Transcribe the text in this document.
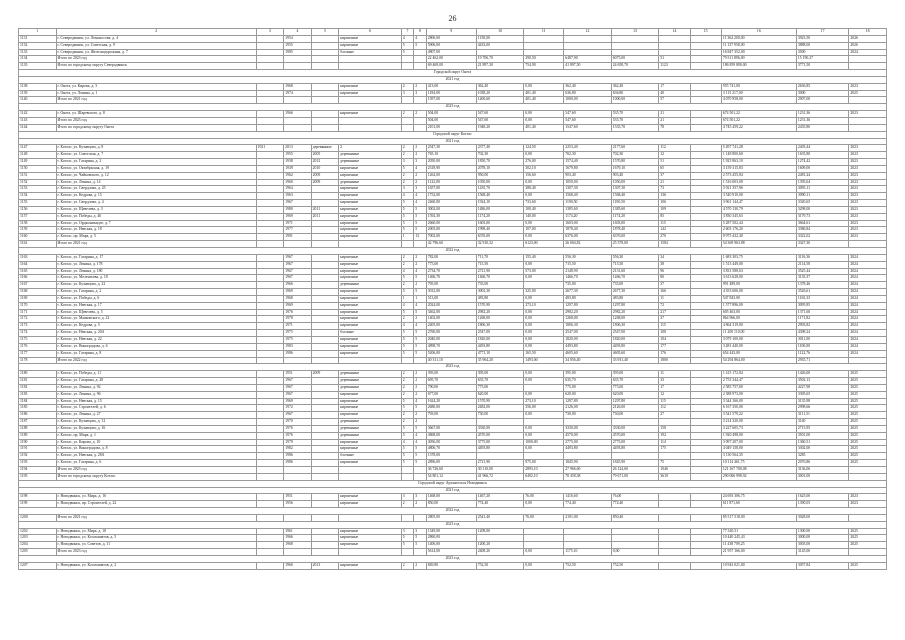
26
1	2	3	4	5	6	7	8	9	10	11	12	13	14	15	16	17	18
1131	г. Северодвинск, ул. Ломоносова, д. 4		1954		кирпичные	4	4	2806,00	1158,00						11 362 200,00	3923,50	2026
1132	г. Северодвинск, ул. Советская, д. 9		1955		кирпичные	5	5	5906,00	4433,00						11 137 958,00	3888,00	2026
1133	г. Северодвинск, ул. Железнодорожная, д. 7		1985		блочные	5		4807,00							16 847 352,00	3500	2024
1134	Итого по 2023 год							22 462,00	19 706,70	290,50	6487,90	6075,00	51		79 511 896,00	15 190,27	
1135	Итого по городскому округу Северодвинск							69 469,00	21 897,30	754,90	41 897,50	24 658,70	1123		186 859 880,00	3771,50	
Городской округ Онега																	
2021 год																	
1138	г. Онега, ул. Кирова, д. 3		1968		кирпичные	2	2	413,00	362,40	0,00	362,40	362,40	17		955 741,00	2636,85	2023
1139	г. Онега, ул. Ленина, д. 1		1974		кирпичные	3	3	1184,00	1038,20	401,40	636,80	636,80	40		3 115 217,00	3000	2025
1140	Итого по 2021 год							1597,00	1400,60	401,40	1000,00	1000,00	57		4 070 958,00	2907,00	
2023 год																	
1142	г. Онега, ул. Шаревского, д. 8		1966		кирпичные	2	2	504,00	547,60	0,00	547,60	535,70	21		674 501,22	1231,36	2023
1143	Итого по 2023 год							504,00	547,60	0,00	547,60	535,70	21		674 501,22	1231,36	
1144	Итого по городскому округу Онега							2101,00	1948,20	401,40	1547,60	1535,70	78		4 745 459,22	2435,80	
Городской округ Котлас																	
2021 год																	
1147	г. Котлас, ул. Кузнецова, д. 8	1921	2013	деревянные	2	2	2	2547,30	2377,40	124,50	2253,40	2177,60	112		5 497 741,28	2403,44	2023
1148	г. Котлас, ул. Советская, д. 7		1955	2005	деревянные	2	2	765,10	702,30	0,00	702,30	702,30	12		1 148 800,60	1635,80	2023
1149	г. Котлас, ул. Гагарина, д. 2		1938	2012	деревянные	3	3	2050,00	1850,70	276,00	1574,40	1570,80	51		1 925 863,10	1274,42	2023
1150	г. Котлас, ул. Октябрьская, д. 19		1939	2010	кирпичные	5	4	2318,90	2078,10	302,10	1679,80	1679,10	65		3 159 315,83	1609,00	2023
1151	г. Котлас, ул. Чайковского, д. 12		1962	2009	кирпичные	2	2	1262,00	950,00	156,60	903,40	903,40	37		2 573 455,84	2481,24	2023
1152	г. Котлас, ул. Ленина, д. 14		1960	2009	деревянные	2	2	1122,00	1050,00	0,00	1050,00	1050,00	21		1 516 003,00	1395,64	2023
1153	г. Котлас, ул. Свердлова, д. 25		1964		кирпичные	3	3	1657,00	1435,70	388,40	1307,30	1307,30	73		3 921 357,96	3095,11	2023
1154	г. Котлас, ул. Кедрова, д. 15		1963		кирпичные	4	4	1752,00	1568,40	0,00	1568,40	1568,40	136		3 540 910,00	3090,11	2023
1155	г. Котлас, ул. Свердлова, д. 4		1967		кирпичные	5	4	2460,00	1924,10	733,60	1190,50	1190,50	106		3 961 144,47	3320,65	2023
1156	г. Котлас, ул. Щевелева, д. 3		1980	2011	кирпичные	5	5	3002,00	1486,00	100,40	1385,60	1385,60	109		4 570 130,79	3298,00	2023
1157	г. Котлас, ул. Победы, д. 46		1969	2011	кирпичные	5	5	1592,30	1174,20	140,00	1174,20	1174,20	85		3 830 345,63	3179,73	2023
1158	г. Котлас, ул. Орджоникидзе, д. 7		1971		кирпичные	5	5	2660,00	1603,00	0,00	1603,00	1603,00	115		5 287 502,44	3664,61	2023
1159	г. Котлас, ул. Невская, д. 18		1977		кирпичные	5	5	2005,00	1998,40	107,00	1878,40	1878,40	142		2 603 176,20	3386,84	2023
1160	г. Котлас, пр. Мира, д. 5		1991		кирпичные	1	13	7002,00	6376,00	0,00	6376,00	6376,00	270		8 975 432,40	3322,02	2023
1161	Итого по 2021 год							42 796,60	32 910,32	6123,00	26 004,82	25 378,00	1584		54 369 963,88	3347,30	
2022 год																	
1163	г. Котлас, ул. Гагарина, д. 17		1967		кирпичные	2	2	782,00	711,70	155,40	556,30	556,30	34		1 683 303,75	3116,36	2024
1164	г. Котлас, ул. Ленина, д. 178		1967		кирпичные	2	2	775,00	715,50	0,00	715,50	715,50	38		1 513 449,00	2114,58	2024
1165	г. Котлас, ул. Ленина, д. 180		1967		кирпичные	4	4	2734,70	2721,90	573,00	2148,90	2131,60	96		3 831 588,63	3525,44	2024
1166	г. Котлас, ул. Мелентьева, д. 18		1967		кирпичные	5	5	1466,70	1466,70	0,00	1466,70	1466,70	80		3 613 628,00	3135,37	2024
1167	г. Котлас, ул. Кузнецова, д. 22		1966		деревянные	2	2	795,00	735,00		735,00	735,00	37		991 489,00	1378,46	2024
1168	г. Котлас, ул. Гагарина, д. 2		1969		кирпичные	5	5	3012,00	3002,30	325,00	2677,30	2677,30	166		4 353 606,00	3526,61	2024
1169	г. Котлас, ул. Победы, д. 6		1968		кирпичные	1	1	513,00	483,80	0,00	483,80	483,80	11		547 843,00	1165,33	2024
1170	г. Котлас, ул. Невская, д. 17		1969		кирпичные	4	4	2024,00	1570,90	273,10	1297,80	1297,80	72		1 577 896,00	3095,85	2024
1171	г. Котлас, ул. Щевелева, д. 5		1976		кирпичные	5	5	3462,00	2982,20	0,00	2982,20	2982,20	217		605 463,00	1371,60	2024
1172	г. Котлас, ул. Маяковского, д. 22		1978		кирпичные	2	2	1402,00	1268,00	0,00	1268,00	1268,00	37		864 966,00	1171,82	2024
1173	г. Котлас, ул. Кедрова, д. 5		1971		кирпичные	4	4	2405,00	1806,30	0,00	1806,30	1806,30	115		4 864 319,00	2903,82	2024
1174	г. Котлас, ул. Невская, д. 20А		1975		блочные	5	5	2760,00	2547,00	0,00	2547,00	2547,00	108		11 200 110,00	4398,24	2024
1175	г. Котлас, ул. Невская, д. 22		1975		кирпичные	5	5	2040,00	1820,00	0,00	1820,00	1820,00	104		3 079 100,00	3011,00	2024
1176	г. Котлас, ул. Виноградова, д. 6		1983		кирпичные	5	5	4898,70	4493,80	0,00	4493,80	4493,80	177		3 481 440,00	1100,00	2024
1177	г. Котлас, ул. Гагарина, д. 8		1986		кирпичные	5	5	5206,00	4771,10	165,50	4605,60	4605,60	176		654 443,00	1122,76	2024
1178	Итого по 2022 год							40 311,10	35 964,20	1493,00	34 056,40	33 931,40	1800		54 294 864,00	2935,71	
2023 год																	
1180	г. Котлас, ул. Победы, д. 11		1951	2009	деревянные	2	2	395,00	395,00	0,00	395,00	395,00	11		1 415 172,84	1426,00	2025
1181	г. Котлас, ул. Гагарина, д. 28		1967		деревянные	2	2	695,70	635,70	0,00	635,70	635,70	33		2 753 344,47	3502,13	2025
1182	г. Котлас, ул. Ленина, д. 92		1967		деревянные	2	2	790,00	775,00		775,00	775,00	17		2 585 757,00	4227,98	2025
1183	г. Котлас, ул. Ленина, д. 96		1967		кирпичные	2	2	677,00	620,00	0,00	620,00	620,00	12		2 388 973,00	3305,65	2025
1184	г. Котлас, ул. Невская, д. 15		1969		кирпичные	5	4	1624,20	1570,90	273,10	1297,80	1297,80	115		3 344 166,00	3135,98	2025
1185	г. Котлас, ул. Строителей, д. 6		1972		кирпичные	5	5	2680,00	2482,00	356,00	2126,00	2126,00	112		6 167 350,00	2998,66	2025
1186	г. Котлас, ул. Ленина, д. 27		1967		кирпичные	2	2	793,00	730,00	0,00	730,00	730,00	27		3 541 579,22	3111,51	2025
1187	г. Котлас, ул. Кузнецова, д. 12		1970		деревянные	2	2								3 214 320,00	3140	2025
1188	г. Котлас, ул. Кузнецова, д. 16		1976		деревянные	5	5	3667,00	3330,00	0,00	3330,00	3330,00	158		3 227 605,73	2713,95	2025
1189	г. Котлас, пр. Мира, д. 1		1976		деревянные	5	4	4868,00	4570,00	0,00	4570,00	4570,00	192		1 920 498,00	3501,00	2025
1190	г. Котлас, ул. Кирова, д. 10		1979		кирпичные	4	4	4056,00	3775,00	1000,00	2775,00	2775,00	114		3 097 207,00	1360,51	2025
1191	г. Котлас, ул. Виноградова, д. 8		1982		кирпичные	5	5	4806,70	4493,80	0,00	4493,80	4493,80	175		4 049 158,00	3302,00	2025
1192	г. Котлас, ул. Невская, д. 28А		1986		блочные	5	5	1378,00							3 130 564,35	3285	2025
1193	г. Котлас, ул. Гагарина, д. 6		1986		кирпичные	5	5	2896,00	2721,90	975,00	1845,90	1845,90	75		10 114 461,75	2076,86	2025
1194	Итого по 2023 год							36 726,60	30 110,00	2893,10	27 966,60	26 124,60	1046		121 167 700,08	3136,06	
1195	Итого по городскому округу Котлас							54 801,12	41 966,72	6492,10	78 458,38	79 671,00	3619		290 006 998,92	3001,00	
Городской округ Архангельск Новодвинск																	
2021 год																	
1198	г. Новодвинск, ул. Мира, д. 16		1951		кирпичные	3	3	1468,00	1467,20	76,00	1416,60	76,00			24 693 306,75	1625,00	2023
1199	г. Новодвинск, пр. Строителей, д. 22		1956		кирпичные	2	2	850,00	774,40	0,00	774,40	774,40			611 871,60	1390,05	2023
2022 год																	
1200	Итого по 2021 год							2805,00	2541,40	76,00	2191,00	850,40			85 517 518,00	3028,00	
2023 год																	
1202	г. Новодвинск, ул. Мира, д. 18		1961		кирпичные	3	3	1349,00	1208,00						77 320,51	1300,00	2025
1203	г. Новодвинск, ул. Космонавтов, д. 5		1966		кирпичные	5	5	2860,00							10 440 245,43	3000,00	2025
1204	г. Новодвинск, ул. Советов, д. 11		1968		кирпичные	5	5	1406,00	1200,20						11 438 709,25	3003,00	2025
1205	Итого по 2023 год							5614,00	2408,20	0,00	1175,10	0,00			21 957 166,00	3145,00	
2023 год																	
1207	г. Новодвинск, ул. Космонавтов, д. 2		1960	2013	кирпичные	2	2	849,80	752,50	0,00	752,50	752,50			10 943 021,00	3057,84	2025
